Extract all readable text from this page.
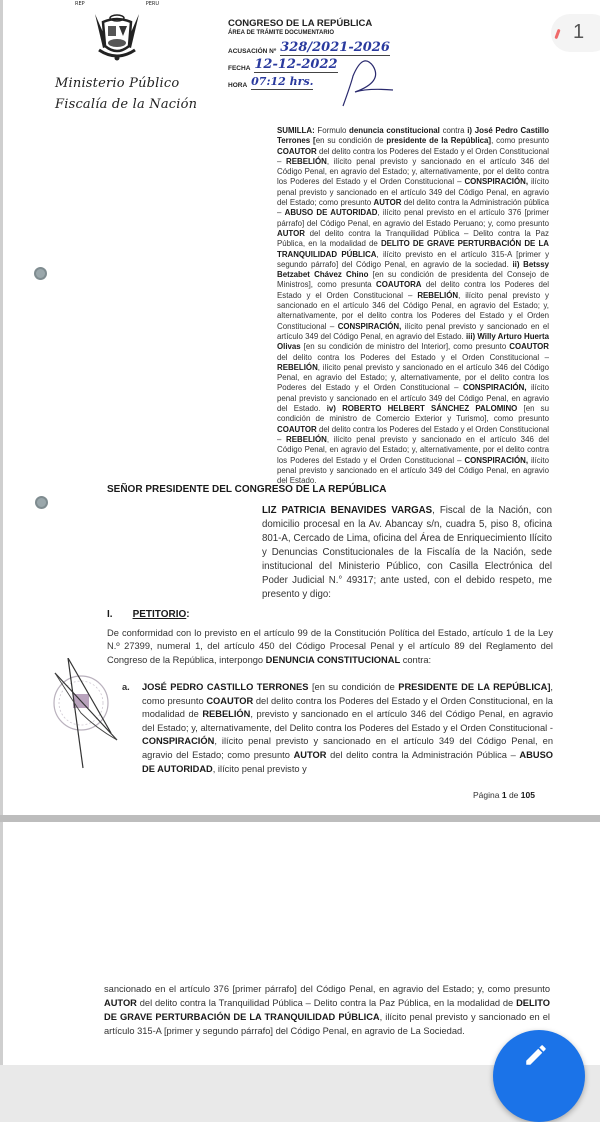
REP	PERU
Ministerio Público
Fiscalía de la Nación
CONGRESO DE LA REPÚBLICA
ÁREA DE TRÁMITE DOCUMENTARIO
ACUSACIÓN Nº 328/2021-2026
FECHA 12-12-2022
HORA 07:12 hrs.
1
SUMILLA: Formulo denuncia constitucional contra i) José Pedro Castillo Terrones [en su condición de presidente de la República], como presunto COAUTOR del delito contra los Poderes del Estado y el Orden Constitucional – REBELIÓN, ilícito penal previsto y sancionado en el artículo 346 del Código Penal, en agravio del Estado; y, alternativamente, por el delito contra los Poderes del Estado y el Orden Constitucional – CONSPIRACIÓN, ilícito penal previsto y sancionado en el artículo 349 del Código Penal, en agravio del Estado; como presunto AUTOR del delito contra la Administración pública – ABUSO DE AUTORIDAD, ilícito penal previsto en el artículo 376 [primer párrafo] del Código Penal, en agravio del Estado Peruano; y, como presunto AUTOR del delito contra la Tranquilidad Pública – Delito contra la Paz Pública, en la modalidad de DELITO DE GRAVE PERTURBACIÓN DE LA TRANQUILIDAD PÚBLICA, ilícito previsto en el artículo 315-A [primer y segundo párrafo] del Código Penal, en agravio de la sociedad. ii) Betssy Betzabet Chávez Chino [en su condición de presidenta del Consejo de Ministros], como presunta COAUTORA del delito contra los Poderes del Estado y el Orden Constitucional – REBELIÓN, ilícito penal previsto y sancionado en el artículo 346 del Código Penal, en agravio del Estado; y, alternativamente, por el delito contra los Poderes del Estado y el Orden Constitucional – CONSPIRACIÓN, ilícito penal previsto y sancionado en el artículo 349 del Código Penal, en agravio del Estado. iii) Willy Arturo Huerta Olivas [en su condición de ministro del Interior], como presunto COAUTOR del delito contra los Poderes del Estado y el Orden Constitucional – REBELIÓN, ilícito penal previsto y sancionado en el artículo 346 del Código Penal, en agravio del Estado; y, alternativamente, por el delito contra los Poderes del Estado y el Orden Constitucional – CONSPIRACIÓN, ilícito penal previsto y sancionado en el artículo 349 del Código Penal, en agravio del Estado. iv) ROBERTO HELBERT SÁNCHEZ PALOMINO [en su condición de ministro de Comercio Exterior y Turismo], como presunto COAUTOR del delito contra los Poderes del Estado y el Orden Constitucional – REBELIÓN, ilícito penal previsto y sancionado en el artículo 346 del Código Penal, en agravio del Estado; y, alternativamente, por el delito contra los Poderes del Estado y el Orden Constitucional – CONSPIRACIÓN, ilícito penal previsto y sancionado en el artículo 349 del Código Penal, en agravio del Estado.
SEÑOR PRESIDENTE DEL CONGRESO DE LA REPÚBLICA
LIZ PATRICIA BENAVIDES VARGAS, Fiscal de la Nación, con domicilio procesal en la Av. Abancay s/n, cuadra 5, piso 8, oficina 801-A, Cercado de Lima, oficina del Área de Enriquecimiento Ilícito y Denuncias Constitucionales de la Fiscalía de la Nación, sede institucional del Ministerio Público, con Casilla Electrónica del Poder Judicial N.° 49317; ante usted, con el debido respeto, me presento y digo:
I. PETITORIO:
De conformidad con lo previsto en el artículo 99 de la Constitución Política del Estado, artículo 1 de la Ley N.º 27399, numeral 1, del artículo 450 del Código Procesal Penal y el artículo 89 del Reglamento del Congreso de la República, interpongo DENUNCIA CONSTITUCIONAL contra:
a.	JOSÉ PEDRO CASTILLO TERRONES [en su condición de PRESIDENTE DE LA REPÚBLICA], como presunto COAUTOR del delito contra los Poderes del Estado y el Orden Constitucional, en la modalidad de REBELIÓN, previsto y sancionado en el artículo 346 del Código Penal, en agravio del Estado; y, alternativamente, del Delito contra los Poderes del Estado y el Orden Constitucional - CONSPIRACIÓN, ilícito penal previsto y sancionado en el artículo 349 del Código Penal, en agravio del Estado; como presunto AUTOR del delito contra la Administración Pública – ABUSO DE AUTORIDAD, ilícito penal previsto y
Página 1 de 105
sancionado en el artículo 376 [primer párrafo] del Código Penal, en agravio del Estado; y, como presunto AUTOR del delito contra la Tranquilidad Pública – Delito contra la Paz Pública, en la modalidad de DELITO DE GRAVE PERTURBACIÓN DE LA TRANQUILIDAD PÚBLICA, ilícito penal previsto y sancionado en el artículo 315-A [primer y segundo párrafo] del Código Penal, en agravio de La Sociedad.
